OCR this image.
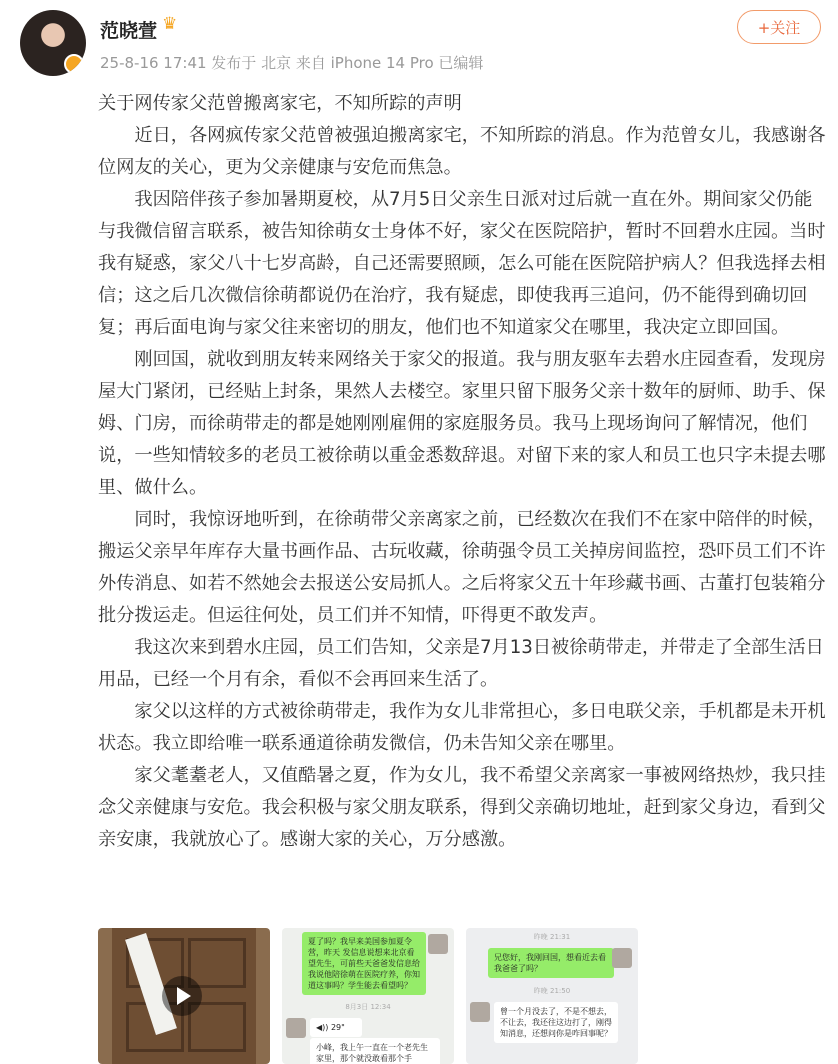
范晓萱 ♛
25-8-16 17:41 发布于 北京 来自 iPhone 14 Pro 已编辑
+关注

关于网传家父范曾搬离家宅，不知所踪的声明

近日，各网疯传家父范曾被强迫搬离家宅，不知所踪的消息。作为范曾女儿，我感谢各位网友的关心，更为父亲健康与安危而焦急。

我因陪伴孩子参加暑期夏校，从7月5日父亲生日派对过后就一直在外。期间家父仍能与我微信留言联系，被告知徐萌女士身体不好，家父在医院陪护，暂时不回碧水庄园。当时我有疑惑，家父八十七岁高龄，自己还需要照顾，怎么可能在医院陪护病人？但我选择去相信；这之后几次微信徐萌都说仍在治疗，我有疑虑，即使我再三追问，仍不能得到确切回复；再后面电询与家父往来密切的朋友，他们也不知道家父在哪里，我决定立即回国。

刚回国，就收到朋友转来网络关于家父的报道。我与朋友驱车去碧水庄园查看，发现房屋大门紧闭，已经贴上封条，果然人去楼空。家里只留下服务父亲十数年的厨师、助手、保姆、门房，而徐萌带走的都是她刚刚雇佣的家庭服务员。我马上现场询问了解情况，他们说，一些知情较多的老员工被徐萌以重金悉数辞退。对留下来的家人和员工也只字未提去哪里、做什么。

同时，我惊讶地听到，在徐萌带父亲离家之前，已经数次在我们不在家中陪伴的时候，搬运父亲早年库存大量书画作品、古玩收藏，徐萌强令员工关掉房间监控，恐吓员工们不许外传消息、如若不然她会去报送公安局抓人。之后将家父五十年珍藏书画、古董打包装箱分批分拨运走。但运往何处，员工们并不知情，吓得更不敢发声。

我这次来到碧水庄园，员工们告知，父亲是7月13日被徐萌带走，并带走了全部生活日用品，已经一个月有余，看似不会再回来生活了。

家父以这样的方式被徐萌带走，我作为女儿非常担心，多日电联父亲，手机都是未开机状态。我立即给唯一联系通道徐萌发微信，仍未告知父亲在哪里。

家父耄耋老人，又值酷暑之夏，作为女儿，我不希望父亲离家一事被网络热炒，我只挂念父亲健康与安危。我会积极与家父朋友联系，得到父亲确切地址，赶到家父身边，看到父亲安康，我就放心了。感谢大家的关心，万分感激。

夏了吗？我早来美国参加夏令营，昨天 发信息说想来北京看望先生，可前些天爸爸发信息给我说他陪徐萌在医院疗养，你知道这事吗？学生能去看望吗？
8月3日 12:34
◀)) 29"
小峰，我上午一直在一个老先生家里，那个就没敢看那个手
昨晚 21:31
兄您好，我刚回国，想看近去看我爸爸了吗？
昨晚 21:50
曾一个月没去了，不是不想去，不让去，我还往这边打了，刚得知消息，还想问你是咋回事呢？
